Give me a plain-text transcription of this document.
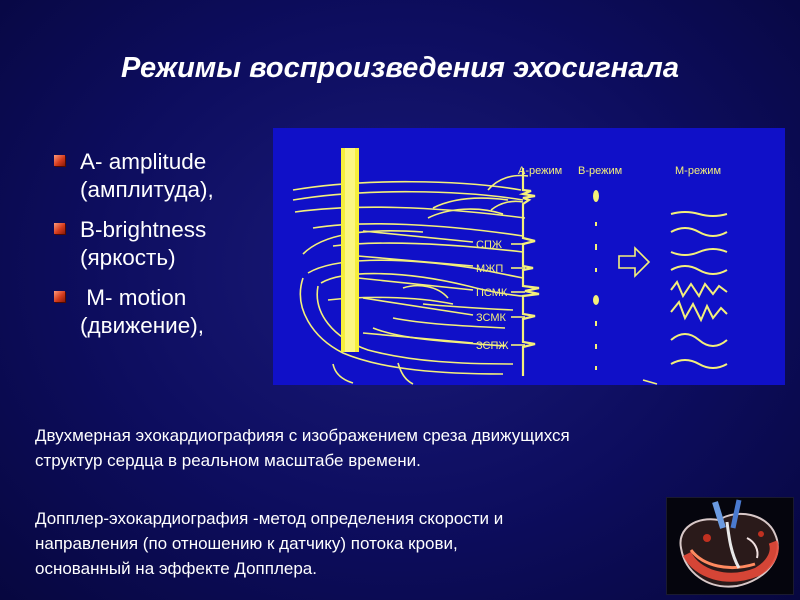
Режимы воспроизведения эхосигнала
А- amplitude
(амплитуда),
B-brightness
(яркость)
M- motion
(движение),
А-режим В-режим	М-режим
СПЖ
МЖП
ПСМК
ЗСМК
ЗСПЖ
Двухмерная эхокардиографияя с изображением среза движущихся
структур сердца в реальном масштабе времени.
Допплер-эхокардиография -метод определения скорости и
направления (по отношению к датчику) потока крови,
основанный на эффекте Допплера.
